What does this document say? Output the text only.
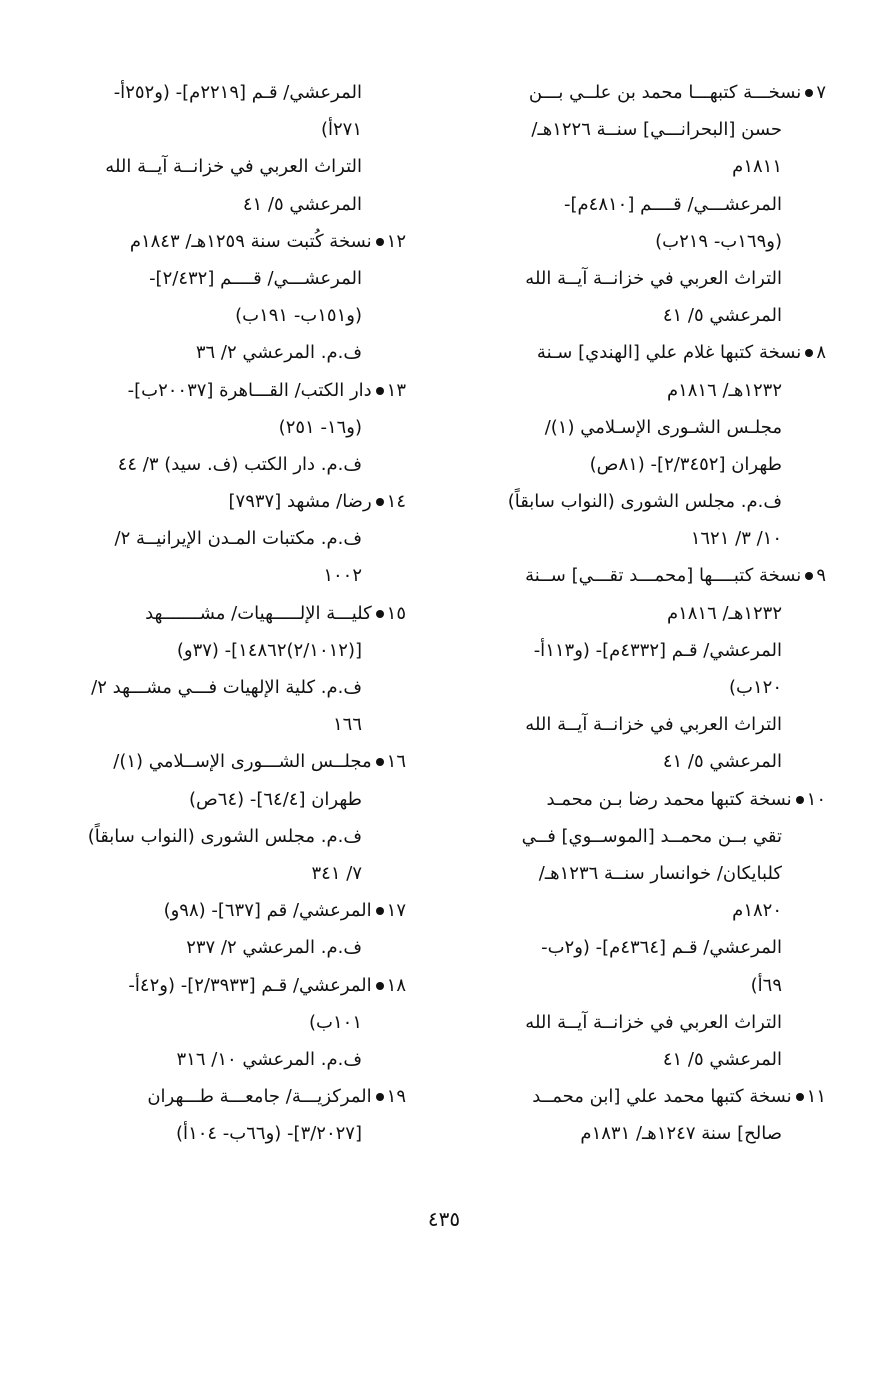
٧نسخـــة كتبهـــا محمد بن علــي بـــن
حسن [البحرانـــي] سنــة ١٢٢٦هـ/
١٨١١م
المرعشـــي/ قــــم [٤٨١٠م]-
(و١٦٩ب- ٢١٩ب)
التراث العربي في خزانــة آيــة الله
المرعشي ٥/ ٤١
٨نسخة كتبها غلام علي [الهندي] سـنة
١٢٣٢هـ/ ١٨١٦م
مجلـس الشـورى الإسـلامي (١)/
طهران [٢/٣٤٥٢]- (٨١ص)
ف.م. مجلس الشورى (النواب سابقاً)
١٠/ ٣/ ١٦٢١
٩نسخة كتبــــها [محمـــد تقـــي] ســنة
١٢٣٢هـ/ ١٨١٦م
المرعشي/ قـم [٤٣٣٢م]- (و١١٣أ-
١٢٠ب)
التراث العربي في خزانــة آيــة الله
المرعشي ٥/ ٤١
١٠نسخة كتبها محمد رضا بـن محمـد
تقي بــن محمــد [الموســوي] فــي
كلبايكان/ خوانسار سنــة ١٢٣٦هـ/
١٨٢٠م
المرعشي/ قـم [٤٣٦٤م]- (و٢ب-
٦٩أ)
التراث العربي في خزانــة آيــة الله
المرعشي ٥/ ٤١
١١نسخة كتبها محمد علي [ابن محمــد
صالح] سنة ١٢٤٧هـ/ ١٨٣١م
المرعشي/ قـم [٢٢١٩م]- (و٢٥٢أ-
٢٧١أ)
التراث العربي في خزانــة آيــة الله
المرعشي ٥/ ٤١
١٢نسخة كُتبت سنة ١٢٥٩هـ/ ١٨٤٣م
المرعشـــي/ قــــم [٢/٤٣٢]-
(و١٥١ب- ١٩١ب)
ف.م. المرعشي ٢/ ٣٦
١٣دار الكتب/ القـــاهرة [٢٠٠٣٧ب]-
(و١٦- ٢٥١)
ف.م. دار الكتب (ف. سيد) ٣/ ٤٤
١٤رضا/ مشهد [٧٩٣٧]
ف.م. مكتبات المـدن الإيرانيــة ٢/
١٠٠٢
١٥كليـــة الإلـــــهيات/ مشـــــــهد
[(٢/١٠١٢)١٤٨٦٢]- (٣٧و)
ف.م. كلية الإلهيات فـــي مشـــهد ٢/
١٦٦
١٦مجلــس الشـــورى الإســلامي (١)/
طهران [٦٤/٤]- (٦٤ص)
ف.م. مجلس الشورى (النواب سابقاً)
٧/ ٣٤١
١٧المرعشي/ قم [٦٣٧]- (٩٨و)
ف.م. المرعشي ٢/ ٢٣٧
١٨المرعشي/ قـم [٢/٣٩٣٣]- (و٤٢أ-
١٠١ب)
ف.م. المرعشي ١٠/ ٣١٦
١٩المركزيـــة/ جامعـــة طـــهران
[٣/٢٠٢٧]- (و٦٦ب- ١٠٤أ)
٤٣٥
